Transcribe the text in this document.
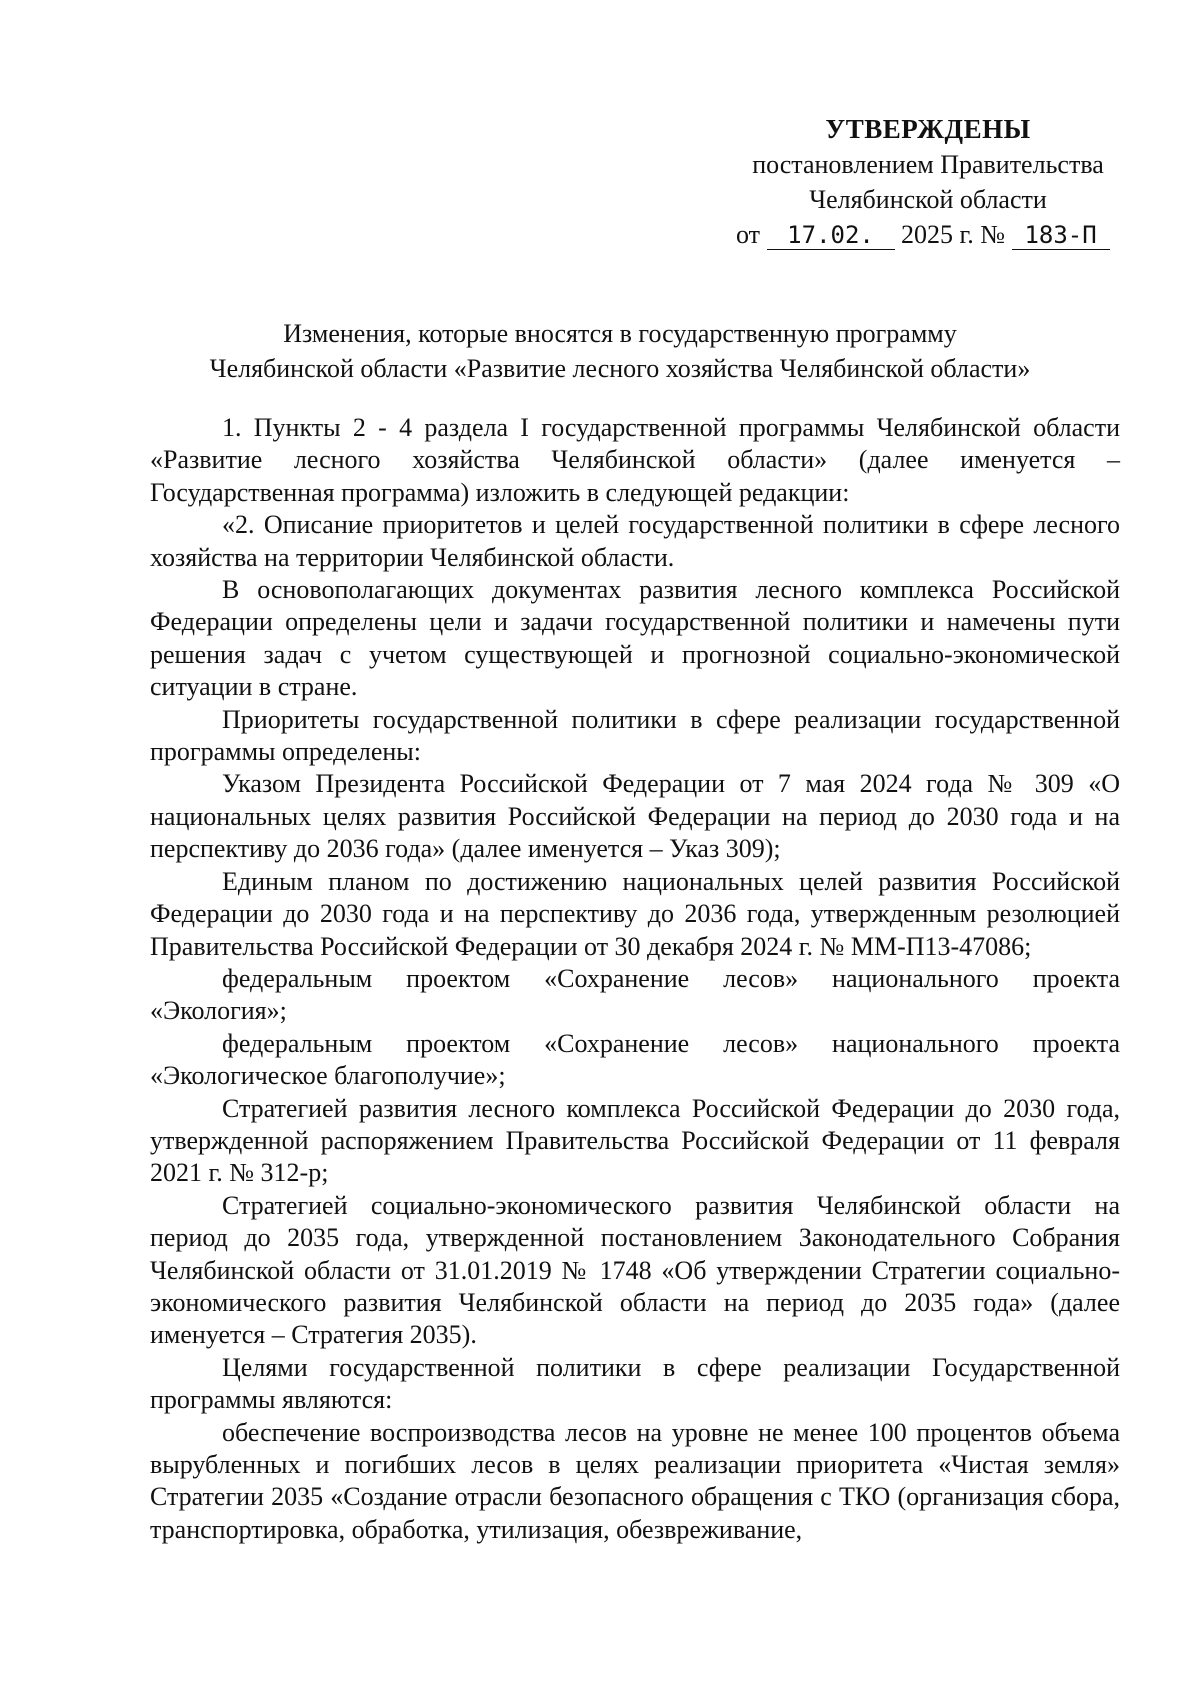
УТВЕРЖДЕНЫ
постановлением Правительства
Челябинской области
от 17.02. 2025 г. № 183-П
Изменения, которые вносятся в государственную программу
Челябинской области «Развитие лесного хозяйства Челябинской области»

1. Пункты 2 - 4 раздела I государственной программы Челябинской области «Развитие лесного хозяйства Челябинской области» (далее именуется – Государственная программа) изложить в следующей редакции:

«2. Описание приоритетов и целей государственной политики в сфере лесного хозяйства на территории Челябинской области.

В основополагающих документах развития лесного комплекса Российской Федерации определены цели и задачи государственной политики и намечены пути решения задач с учетом существующей и прогнозной социально-экономической ситуации в стране.

Приоритеты государственной политики в сфере реализации государственной программы определены:

Указом Президента Российской Федерации от 7 мая 2024 года № 309 «О национальных целях развития Российской Федерации на период до 2030 года и на перспективу до 2036 года» (далее именуется – Указ 309);

Единым планом по достижению национальных целей развития Российской Федерации до 2030 года и на перспективу до 2036 года, утвержденным резолюцией Правительства Российской Федерации от 30 декабря 2024 г. № ММ-П13-47086;

федеральным проектом «Сохранение лесов» национального проекта «Экология»;

федеральным проектом «Сохранение лесов» национального проекта «Экологическое благополучие»;

Стратегией развития лесного комплекса Российской Федерации до 2030 года, утвержденной распоряжением Правительства Российской Федерации от 11 февраля 2021 г. № 312-р;

Стратегией социально-экономического развития Челябинской области на период до 2035 года, утвержденной постановлением Законодательного Собрания Челябинской области от 31.01.2019 № 1748 «Об утверждении Стратегии социально-экономического развития Челябинской области на период до 2035 года» (далее именуется – Стратегия 2035).

Целями государственной политики в сфере реализации Государственной программы являются:

обеспечение воспроизводства лесов на уровне не менее 100 процентов объема вырубленных и погибших лесов в целях реализации приоритета «Чистая земля» Стратегии 2035 «Создание отрасли безопасного обращения с ТКО (организация сбора, транспортировка, обработка, утилизация, обезвреживание,
